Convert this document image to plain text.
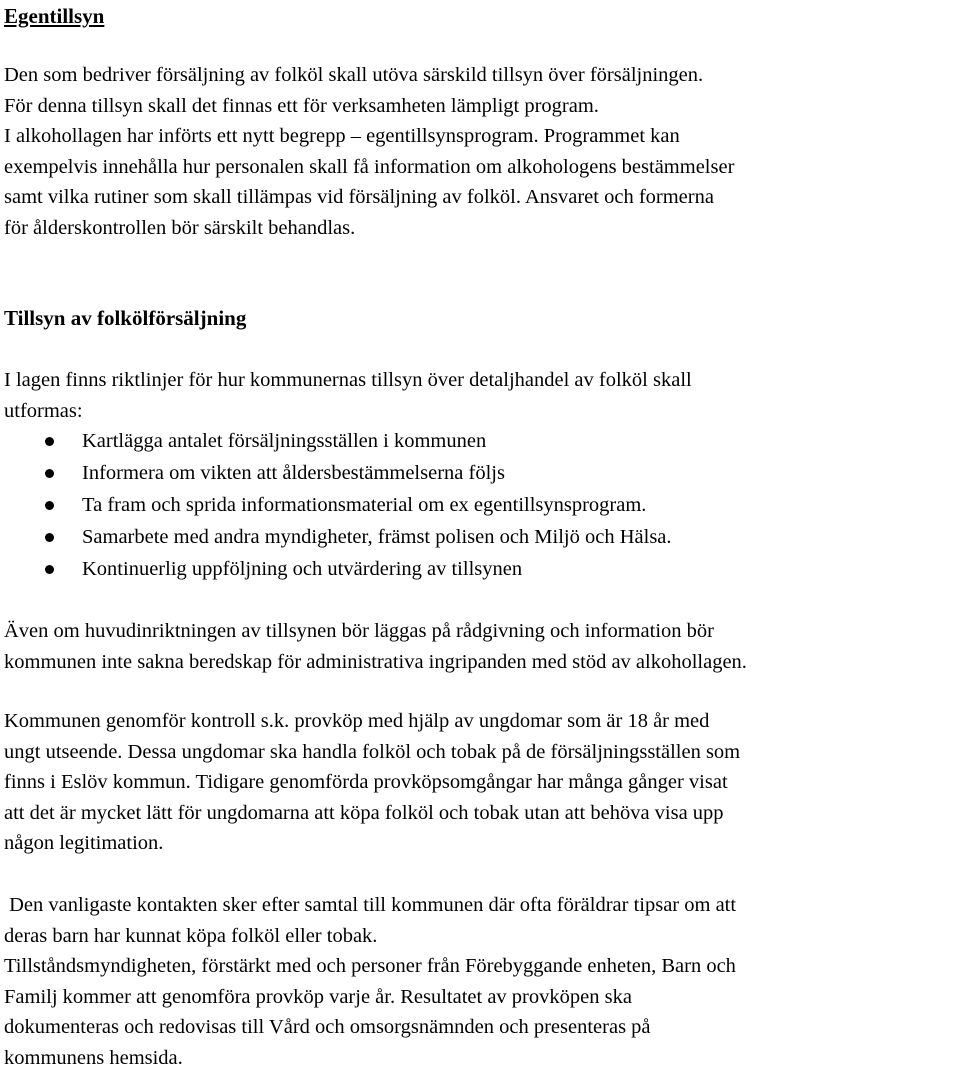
Egentillsyn

Den som bedriver försäljning av folköl skall utöva särskild tillsyn över försäljningen.
För denna tillsyn skall det finnas ett för verksamheten lämpligt program.
I alkohollagen har införts ett nytt begrepp – egentillsynsprogram. Programmet kan
exempelvis innehålla hur personalen skall få information om alkohologens bestämmelser
samt vilka rutiner som skall tillämpas vid försäljning av folköl. Ansvaret och formerna
för ålderskontrollen bör särskilt behandlas.

Tillsyn av folkölförsäljning

I lagen finns riktlinjer för hur kommunernas tillsyn över detaljhandel av folköl skall
utformas:

Kartlägga antalet försäljningsställen i kommunen
Informera om vikten att åldersbestämmelserna följs
Ta fram och sprida informationsmaterial om ex egentillsynsprogram.
Samarbete med andra myndigheter, främst polisen och Miljö och Hälsa.
Kontinuerlig uppföljning och utvärdering av tillsynen

Även om huvudinriktningen av tillsynen bör läggas på rådgivning och information bör
kommunen inte sakna beredskap för administrativa ingripanden med stöd av alkohollagen.

Kommunen genomför kontroll s.k. provköp med hjälp av ungdomar som är 18 år med
ungt utseende. Dessa ungdomar ska handla folköl och tobak på de försäljningsställen som
finns i Eslöv kommun. Tidigare genomförda provköpsomgångar har många gånger visat
att det är mycket lätt för ungdomarna att köpa folköl och tobak utan att behöva visa upp
någon legitimation.

Den vanligaste kontakten sker efter samtal till kommunen där ofta föräldrar tipsar om att
deras barn har kunnat köpa folköl eller tobak.
Tillståndsmyndigheten, förstärkt med och personer från Förebyggande enheten, Barn och
Familj kommer att genomföra provköp varje år. Resultatet av provköpen ska
dokumenteras och redovisas till Vård och omsorgsnämnden och presenteras på
kommunens hemsida.
